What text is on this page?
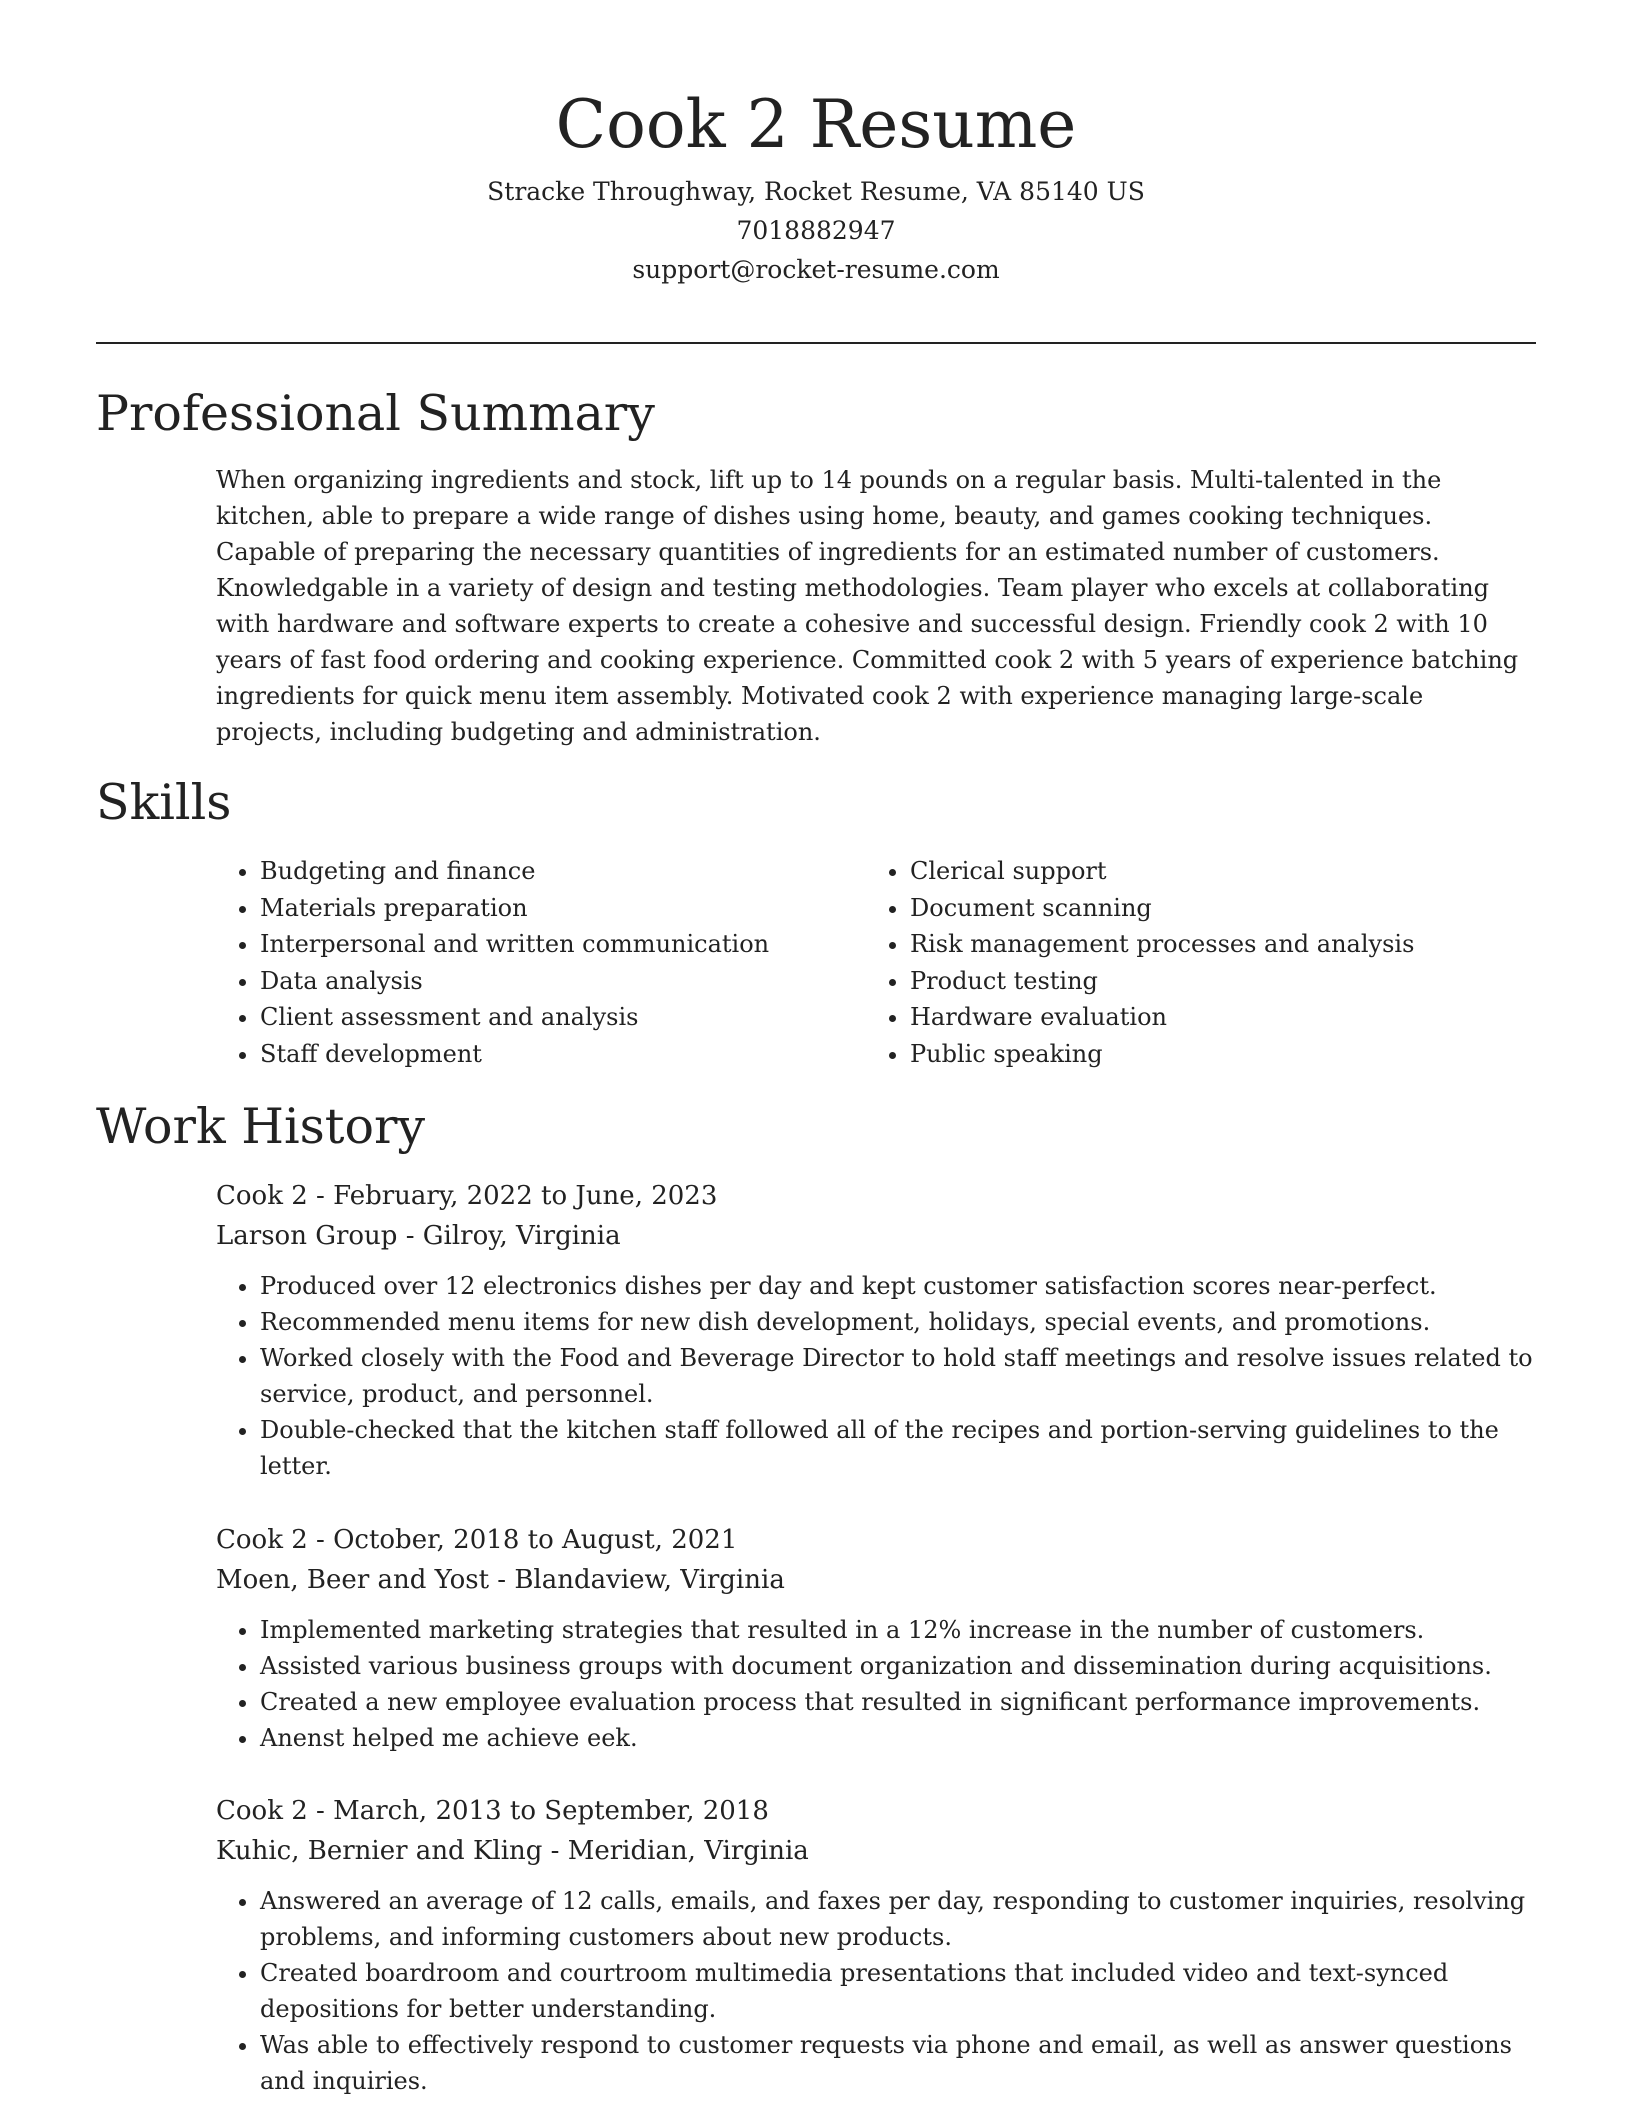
Cook 2 Resume

Stracke Throughway, Rocket Resume, VA 85140 US

7018882947

support@rocket-resume.com

Professional Summary

When organizing ingredients and stock, lift up to 14 pounds on a regular basis. Multi-talented in the kitchen, able to prepare a wide range of dishes using home, beauty, and games cooking techniques. Capable of preparing the necessary quantities of ingredients for an estimated number of customers. Knowledgable in a variety of design and testing methodologies. Team player who excels at collaborating with hardware and software experts to create a cohesive and successful design. Friendly cook 2 with 10 years of fast food ordering and cooking experience. Committed cook 2 with 5 years of experience batching ingredients for quick menu item assembly. Motivated cook 2 with experience managing large-scale projects, including budgeting and administration.

Skills
• Budgeting and finance
• Materials preparation
• Interpersonal and written communication
• Data analysis
• Client assessment and analysis
• Staff development
• Clerical support
• Document scanning
• Risk management processes and analysis
• Product testing
• Hardware evaluation
• Public speaking
Work History

Cook 2 - February, 2022 to June, 2023

Larson Group - Gilroy, Virginia

• Produced over 12 electronics dishes per day and kept customer satisfaction scores near-perfect.
• Recommended menu items for new dish development, holidays, special events, and promotions.
• Worked closely with the Food and Beverage Director to hold staff meetings and resolve issues related to service, product, and personnel.
• Double-checked that the kitchen staff followed all of the recipes and portion-serving guidelines to the letter.

Cook 2 - October, 2018 to August, 2021

Moen, Beer and Yost - Blandaview, Virginia

• Implemented marketing strategies that resulted in a 12% increase in the number of customers.
• Assisted various business groups with document organization and dissemination during acquisitions.
• Created a new employee evaluation process that resulted in significant performance improvements.
• Anenst helped me achieve eek.

Cook 2 - March, 2013 to September, 2018

Kuhic, Bernier and Kling - Meridian, Virginia

• Answered an average of 12 calls, emails, and faxes per day, responding to customer inquiries, resolving problems, and informing customers about new products.
• Created boardroom and courtroom multimedia presentations that included video and text-synced depositions for better understanding.
• Was able to effectively respond to customer requests via phone and email, as well as answer questions and inquiries.
